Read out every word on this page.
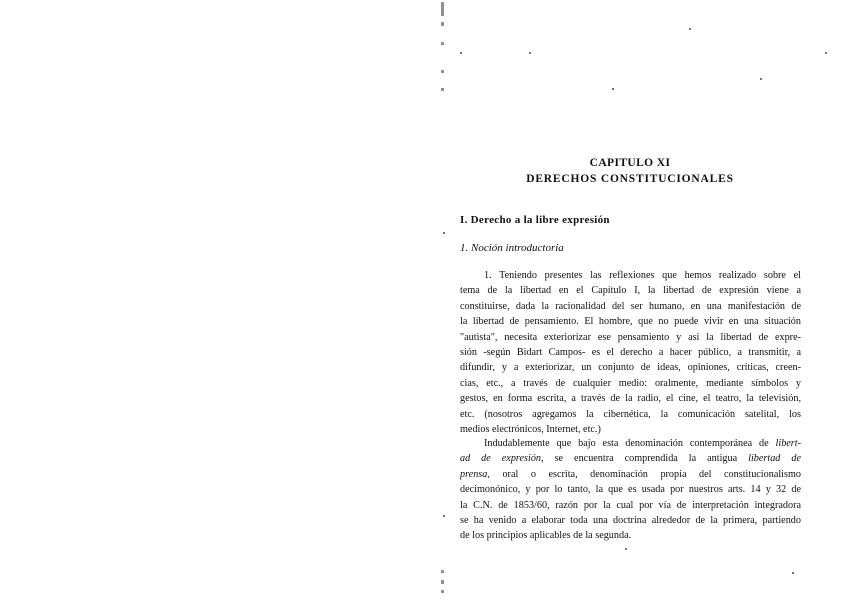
CAPITULO XI
DERECHOS CONSTITUCIONALES
I. Derecho a la libre expresión
1. Noción introductoria
1. Teniendo presentes las reflexiones que hemos realizado sobre el
tema de la libertad en el Capítulo I, la libertad de expresión viene a
constituirse, dada la racionalidad del ser humano, en una manifestación de
la libertad de pensamiento. El hombre, que no puede vivir en una situación
"autista", necesita exteriorizar ese pensamiento y así la libertad de expre-
sión -según Bidart Campos- es el derecho a hacer público, a transmitir, a
difundir, y a exteriorizar, un conjunto de ideas, opiniones, críticas, creen-
cias, etc., a través de cualquier medio: oralmente, mediante símbolos y
gestos, en forma escrita, a través de la radio, el cine, el teatro, la televisión,
etc. (nosotros agregamos la cibernética, la comunicación satelital, los
medios electrónicos, Internet, etc.)
Indudablemente que bajo esta denominación contemporánea de libert-
ad de expresión, se encuentra comprendida la antigua libertad de
prensa, oral o escrita, denominación propia del constitucionalismo
decimonónico, y por lo tanto, la que es usada por nuestros arts. 14 y 32 de
la C.N. de 1853/60, razón por la cual por vía de interpretación integradora
se ha venido a elaborar toda una doctrina alrededor de la primera, partiendo
de los principios aplicables de la segunda.
